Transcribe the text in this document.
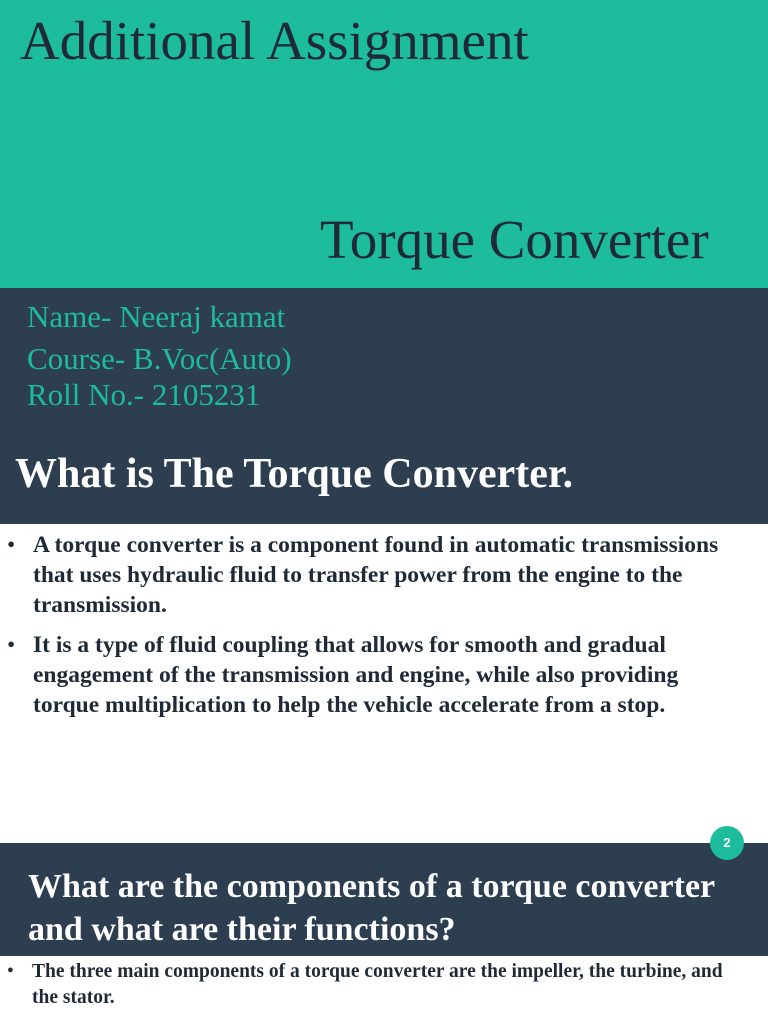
Additional Assignment
Torque Converter
Name- Neeraj kamat
Course- B.Voc(Auto)
Roll No.- 2105231
What is The Torque Converter.
• A torque converter is a component found in automatic transmissions that uses hydraulic fluid to transfer power from the engine to the transmission.
• It is a type of fluid coupling that allows for smooth and gradual engagement of the transmission and engine, while also providing torque multiplication to help the vehicle accelerate from a stop.
What are the components of a torque converter and what are their functions?
2
• The three main components of a torque converter are the impeller, the turbine, and the stator.
